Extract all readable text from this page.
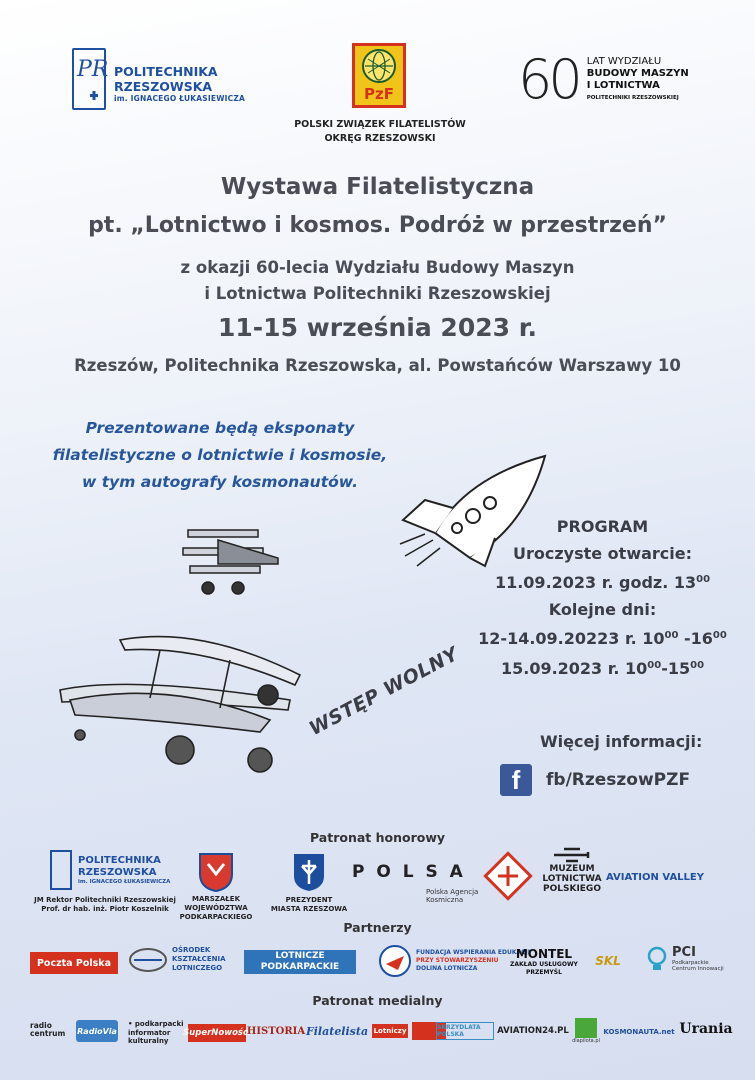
PR POLITECHNIKA
RZESZOWSKA
im. IGNACEGO ŁUKASIEWICZA	PzF
POLSKI ZWIĄZEK FILATELISTÓW
OKRĘG RZESZOWSKI
60 LAT WYDZIAŁU
BUDOWY MASZYN
I LOTNICTWA
POLITECHNIKI RZESZOWSKIEJ
Wystawa Filatelistyczna
pt. „Lotnictwo i kosmos. Podróż w przestrzeń”
z okazji 60-lecia Wydziału Budowy Maszyn
i Lotnictwa Politechniki Rzeszowskiej
11-15 września 2023 r.
Rzeszów, Politechnika Rzeszowska, al. Powstańców Warszawy 10
Prezentowane będą eksponaty
filatelistyczne o lotnictwie i kosmosie,
w tym autografy kosmonautów.
PROGRAM
Uroczyste otwarcie:
11.09.2023 r. godz. $13^{00}$
Kolejne dni:
12-14.09.20223 r. $10^{00}$ $-16^{00}$
15.09.2023 r. $10^{00}-15^{00}$
WSTĘP WOLNY
Więcej informacji:
f	fb/RzeszowPZF
Patronat honorowy
POLITECHNIKA
RZESZOWSKA
im. IGNACEGO ŁUKASIEWICZA
JM Rektor Politechniki Rzeszowskiej
Prof. dr hab. inż. Piotr Koszelnik
MARSZAŁEK
WOJEWÓDZTWA
PODKARPACKIEGO
PREZYDENT
MIASTA RZESZOWA
P O L S A
Polska Agencja
Kosmiczna
MUZEUM
LOTNICTWA
POLSKIEGO
AVIATION VALLEY
Partnerzy
Poczta Polska
OŚRODEK
KSZTAŁCENIA
LOTNICZEGO
LOTNICZE
PODKARPACKIE
FUNDACJA WSPIERANIA EDUKACJI
PRZY STOWARZYSZENIU
DOLINA LOTNICZA
MONTEL
ZAKŁAD USŁUGOWY
PRZEMYŚL
SKL
PCI
Podkarpackie
Centrum Innowacji
Patronat medialny
radio
centrum RadioVia
• podkarpacki
informator
kulturalny
SuperNowości
HISTORIA Filatelista Lotniczy	SKRZYDLATA POLSKA	AVIATION24.PL
dlapilota.pl
KOSMONAUTA.net Urania
